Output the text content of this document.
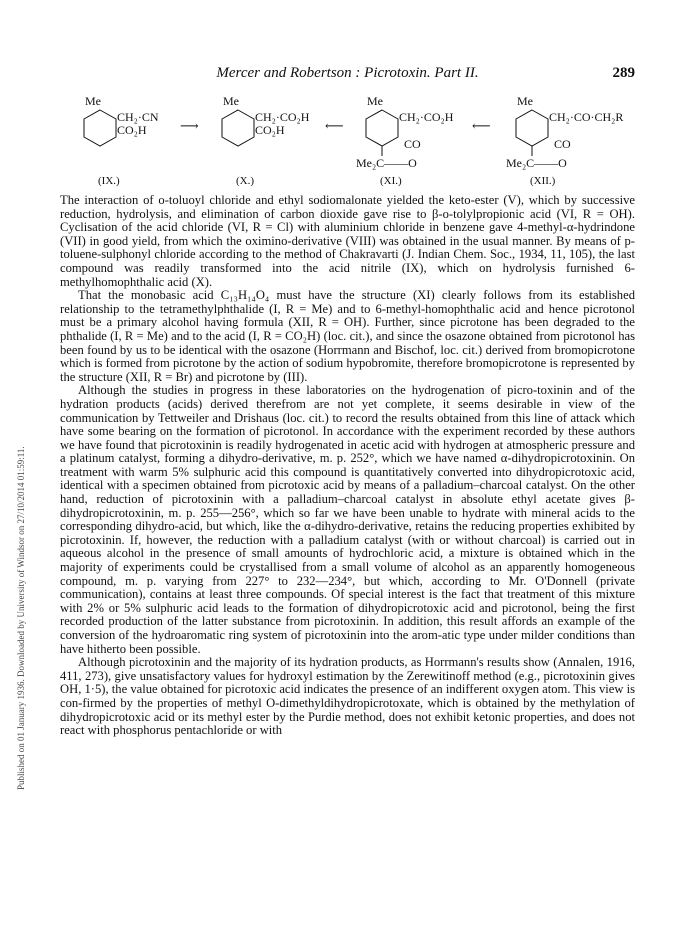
Published on 01 January 1936. Downloaded by University of Windsor on 27/10/2014 01:59:11.
Mercer and Robertson : Picrotoxin. Part II.	289
Me
CH₂·CN
CO₂H
(IX.)
⟶
Me
CH₂·CO₂H
CO₂H
(X.)
⟵
Me
CH₂·CO₂H
CO
Me₂C——O
(XI.)
⟵
Me
CH₂·CO·CH₂R
CO
Me₂C——O
(XII.)

The interaction of o-toluoyl chloride and ethyl sodiomalonate yielded the keto-ester (V), which by successive reduction, hydrolysis, and elimination of carbon dioxide gave rise to β-o-tolylpropionic acid (VI, R = OH). Cyclisation of the acid chloride (VI, R = Cl) with aluminium chloride in benzene gave 4-methyl-α-hydrindone (VII) in good yield, from which the oximino-derivative (VIII) was obtained in the usual manner. By means of p-toluene-sulphonyl chloride according to the method of Chakravarti (J. Indian Chem. Soc., 1934, 11, 105), the last compound was readily transformed into the acid nitrile (IX), which on hydrolysis furnished 6-methylhomophthalic acid (X).

That the monobasic acid C₁₃H₁₄O₄ must have the structure (XI) clearly follows from its established relationship to the tetramethylphthalide (I, R = Me) and to 6-methyl-homophthalic acid and hence picrotonol must be a primary alcohol having formula (XII, R = OH). Further, since picrotone has been degraded to the phthalide (I, R = Me) and to the acid (I, R = CO₂H) (loc. cit.), and since the osazone obtained from picrotonol has been found by us to be identical with the osazone (Horrmann and Bischof, loc. cit.) derived from bromopicrotone which is formed from picrotone by the action of sodium hypobromite, therefore bromopicrotone is represented by the structure (XII, R = Br) and picrotone by (III).

Although the studies in progress in these laboratories on the hydrogenation of picro-toxinin and of the hydration products (acids) derived therefrom are not yet complete, it seems desirable in view of the communication by Tettweiler and Drishaus (loc. cit.) to record the results obtained from this line of attack which have some bearing on the formation of picrotonol. In accordance with the experiment recorded by these authors we have found that picrotoxinin is readily hydrogenated in acetic acid with hydrogen at atmospheric pressure and a platinum catalyst, forming a dihydro-derivative, m. p. 252°, which we have named α-dihydropicrotoxinin. On treatment with warm 5% sulphuric acid this compound is quantitatively converted into dihydropicrotoxic acid, identical with a specimen obtained from picrotoxic acid by means of a palladium–charcoal catalyst. On the other hand, reduction of picrotoxinin with a palladium–charcoal catalyst in absolute ethyl acetate gives β-dihydropicrotoxinin, m. p. 255—256°, which so far we have been unable to hydrate with mineral acids to the corresponding dihydro-acid, but which, like the α-dihydro-derivative, retains the reducing properties exhibited by picrotoxinin. If, however, the reduction with a palladium catalyst (with or without charcoal) is carried out in aqueous alcohol in the presence of small amounts of hydrochloric acid, a mixture is obtained which in the majority of experiments could be crystallised from a small volume of alcohol as an apparently homogeneous compound, m. p. varying from 227° to 232—234°, but which, according to Mr. O'Donnell (private communication), contains at least three compounds. Of special interest is the fact that treatment of this mixture with 2% or 5% sulphuric acid leads to the formation of dihydropicrotoxic acid and picrotonol, being the first recorded production of the latter substance from picrotoxinin. In addition, this result affords an example of the conversion of the hydroaromatic ring system of picrotoxinin into the arom-atic type under milder conditions than have hitherto been possible.

Although picrotoxinin and the majority of its hydration products, as Horrmann's results show (Annalen, 1916, 411, 273), give unsatisfactory values for hydroxyl estimation by the Zerewitinoff method (e.g., picrotoxinin gives OH, 1·5), the value obtained for picrotoxic acid indicates the presence of an indifferent oxygen atom. This view is con-firmed by the properties of methyl O-dimethyldihydropicrotoxate, which is obtained by the methylation of dihydropicrotoxic acid or its methyl ester by the Purdie method, does not exhibit ketonic properties, and does not react with phosphorus pentachloride or with
